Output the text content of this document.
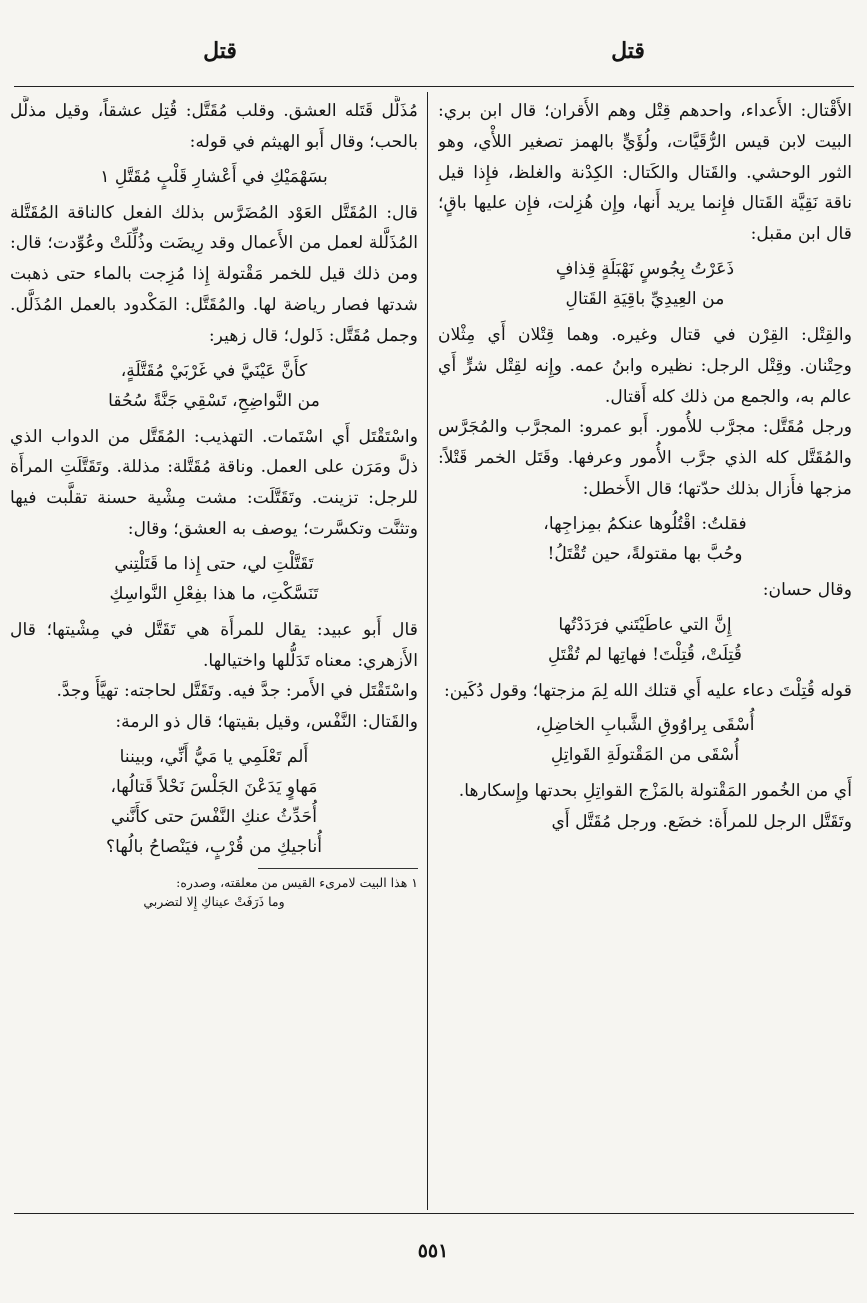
قتل
قتل

الأَقْتال: الأَعداء، واحدهم قِتْل وهم الأَقران؛ قال ابن بري: البيت لابن قيس الرُّقَيَّات، ولُؤَيٍّ بالهمز تصغير اللأْي، وهو الثور الوحشي. والقَتال والكَتال: الكِدْنة والغلظ، فإِذا قيل ناقة نَقِيَّة القَتال فإِنما يريد أَنها، وإِن هُزِلت، فإِن عليها باقٍ؛ قال ابن مقبل:

ذَعَرْتُ بِجُوسٍ نَهْبَلَةٍ قِذافٍ
من العِيدِيِّ باقِيَةِ القَتالِ

والقِتْل: القِرْن في قتال وغيره. وهما قِتْلان أَي مِثْلان وحِتْنان. وقِتْل الرجل: نظيره وابنُ عمه. وإِنه لقِتْل شرٍّ أَي عالم به، والجمع من ذلك كله أَقتال.

ورجل مُقَتَّل: مجرَّب للأُمور. أَبو عمرو: المجرَّب والمُجَرَّس والمُقَتَّل كله الذي جرَّب الأُمور وعرفها. وقَتَل الخمر قَتْلاً: مزجها فأَزال بذلك حدّتها؛ قال الأَخطل:

فقلتُ: اقْتُلُوها عنكمُ بمِزاجِها،
وحُبَّ بها مقتولةً، حين تُقْتَلُ!

وقال حسان:

إِنَّ التي عاطَيْتَني فرَدَدْتُها
قُتِلَتْ، قُتِلْتَ! فهاتِها لم تُقْتَلِ

قوله قُتِلْتَ دعاء عليه أَي قتلك الله لِمَ مزجتها؛ وقول دُكَين:

أُسْقَى بِراوُوقِ الشَّبابِ الخاضِلِ،
أُسْقَى من المَقْتولَةِ القَواتِلِ

أَي من الخُمور المَقْتولة بالمَزْج القواتِلِ بحدتها وإِسكارها.

وتَقَتَّل الرجل للمرأَة: خضَع. ورجل مُقَتَّل أَي

مُذَلَّل قَتَله العشق. وقلب مُقَتَّل: قُتِل عشقاً، وقيل مذلَّل بالحب؛ وقال أَبو الهيثم في قوله:

بسَهْمَيْكِ في أَعْشارِ قَلْبٍ مُقَتَّلِ ١

قال: المُقَتَّل العَوْد المُضَرَّس بذلك الفعل كالناقة المُقَتَّلة المُذَلَّلة لعمل من الأَعمال وقد رِيضَت وذُلِّلَتْ وعُوِّدت؛ قال: ومن ذلك قيل للخمر مَقْتولة إِذا مُزِجت بالماء حتى ذهبت شدتها فصار رياضة لها. والمُقَتَّل: المَكْدود بالعمل المُذَلَّل. وجمل مُقَتَّل: ذَلول؛ قال زهير:

كأَنَّ عَيْنَيَّ في غَرْبَيْ مُقَتَّلَةٍ،
من النَّواضِحِ، تَسْقِي جَنَّةً سُحُقا

واسْتَقْتَل أَي اسْتَمات. التهذيب: المُقَتَّل من الدواب الذي ذلَّ ومَرَن على العمل. وناقة مُقَتَّلة: مذللة. وتَقَتَّلَتِ المرأَة للرجل: تزينت. وتَقَتَّلَت: مشت مِشْية حسنة تقلَّبت فيها وتثنَّت وتكسَّرت؛ يوصف به العشق؛ وقال:

تَقَتَّلْتِ لي، حتى إِذا ما قَتَلْتِني
تَنَسَّكْتِ، ما هذا بفِعْلِ النَّواسِكِ

قال أَبو عبيد: يقال للمرأَة هي تَقَتَّل في مِشْيتها؛ قال الأَزهري: معناه تَدَلُّلها واختيالها.

واسْتَقْتَل في الأَمر: جدَّ فيه. وتَقَتَّل لحاجته: تهيَّأَ وجدَّ.

والقَتال: النَّفْس، وقيل بقيتها؛ قال ذو الرمة:

أَلم تَعْلَمِي يا مَيُّ أَنِّي، وبيننا
مَهاوٍ يَدَعْنَ الجَلْسَ نَحْلاً قَتالُها،
أُحَدِّثُ عنكِ النَّفْسَ حتى كأَنَّني
أُناجيكِ من قُرْبٍ، فيَنْصاحُ بالُها؟
١ هذا البيت لامرىء القيس من معلقته، وصدره:
وما ذَرَفَتْ عيناكِ إِلا لتضربي
٥٥١
